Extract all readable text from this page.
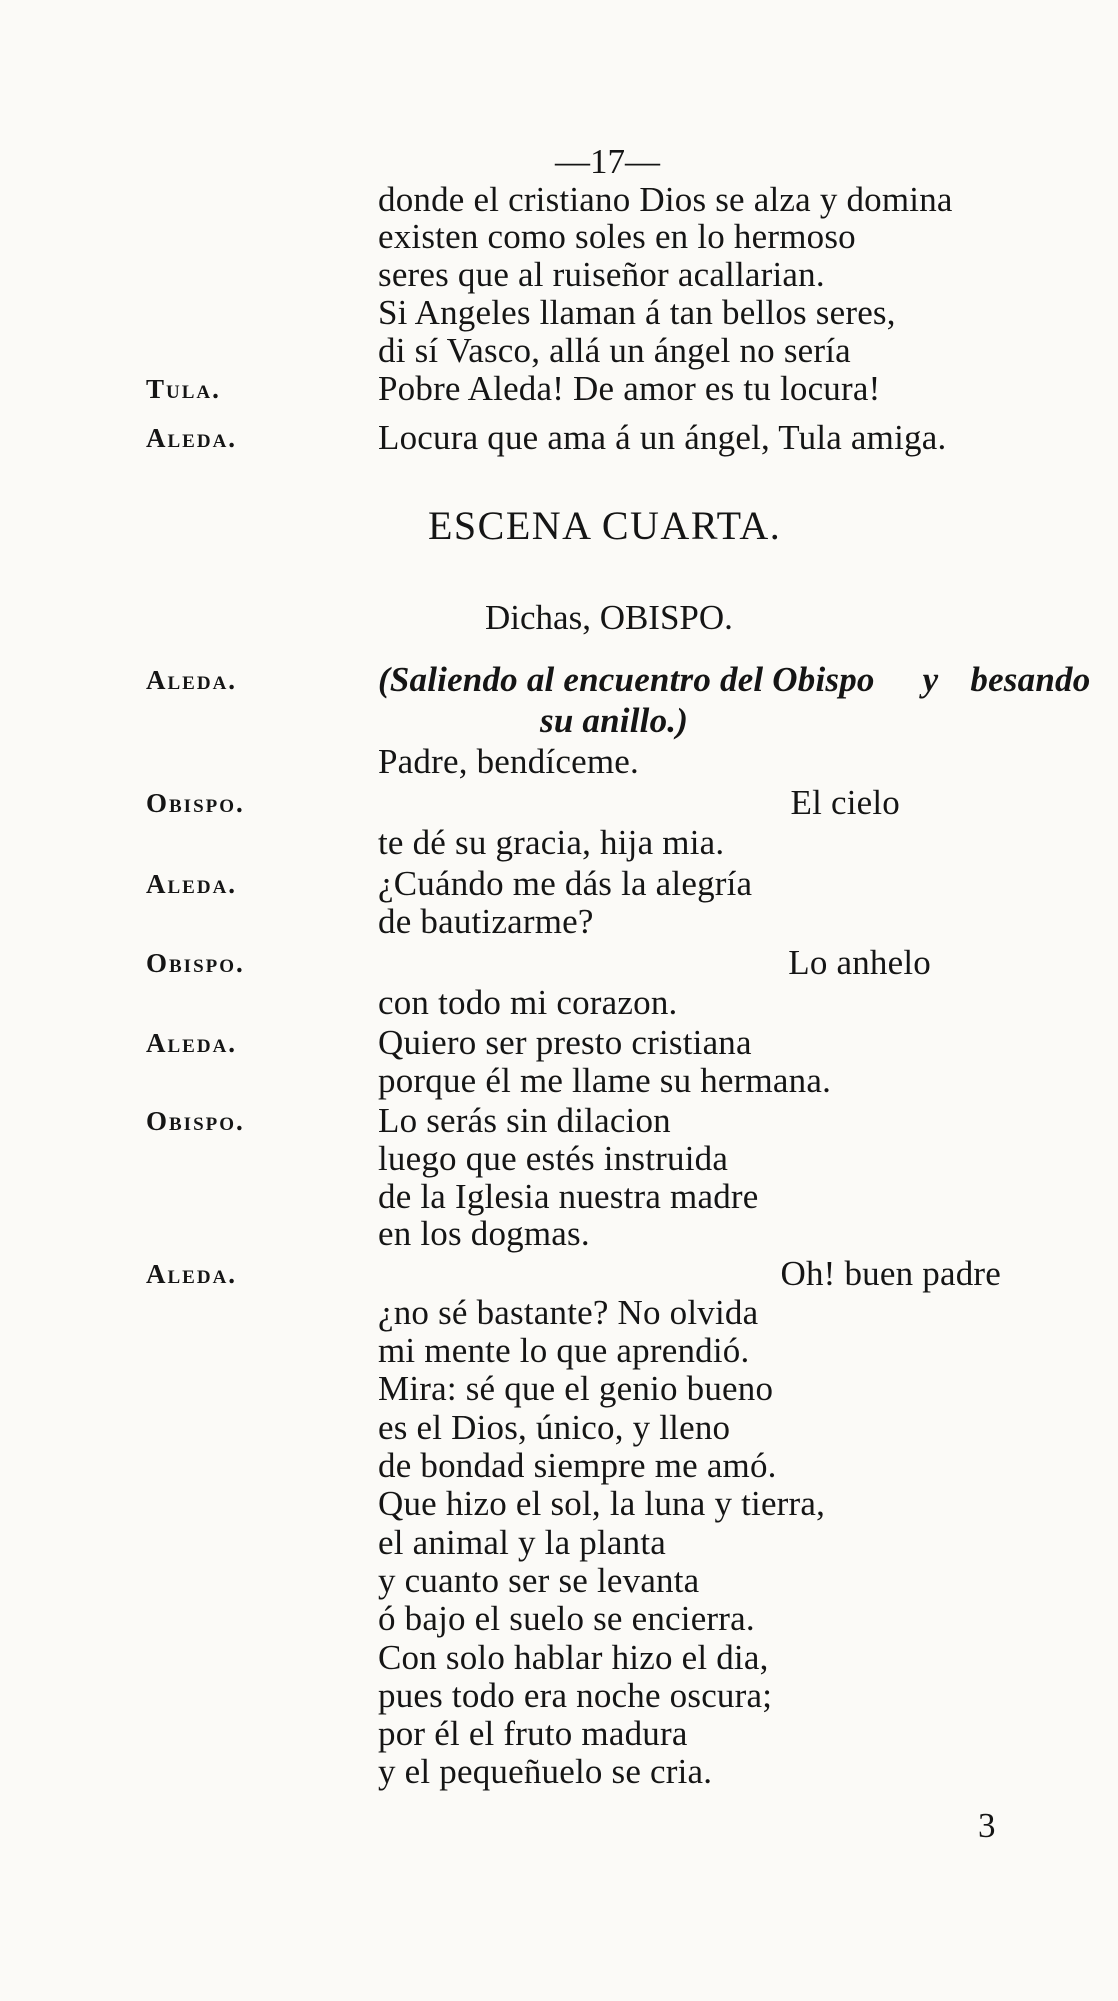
—17—
donde el cristiano Dios se alza y domina
existen como soles en lo hermoso
seres que al ruiseñor acallarian.
Si Angeles llaman á tan bellos seres,
di sí Vasco, allá un ángel no sería
Tula.	Pobre Aleda! De amor es tu locura!
Aleda.	Locura que ama á un ángel, Tula amiga.
ESCENA CUARTA.
Dichas, OBISPO.
Aleda.	(Saliendo al encuentro del Obispo y besando
su anillo.)
Padre, bendíceme.
Obispo.	El cielo
te dé su gracia, hija mia.
Aleda.	¿Cuándo me dás la alegría
de bautizarme?
Obispo.	Lo anhelo
con todo mi corazon.
Aleda.	Quiero ser presto cristiana
porque él me llame su hermana.
Obispo.	Lo serás sin dilacion
luego que estés instruida
de la Iglesia nuestra madre
en los dogmas.
Aleda.	Oh! buen padre
¿no sé bastante? No olvida
mi mente lo que aprendió.
Mira: sé que el genio bueno
es el Dios, único, y lleno
de bondad siempre me amó.
Que hizo el sol, la luna y tierra,
el animal y la planta
y cuanto ser se levanta
ó bajo el suelo se encierra.
Con solo hablar hizo el dia,
pues todo era noche oscura;
por él el fruto madura
y el pequeñuelo se cria.
3
